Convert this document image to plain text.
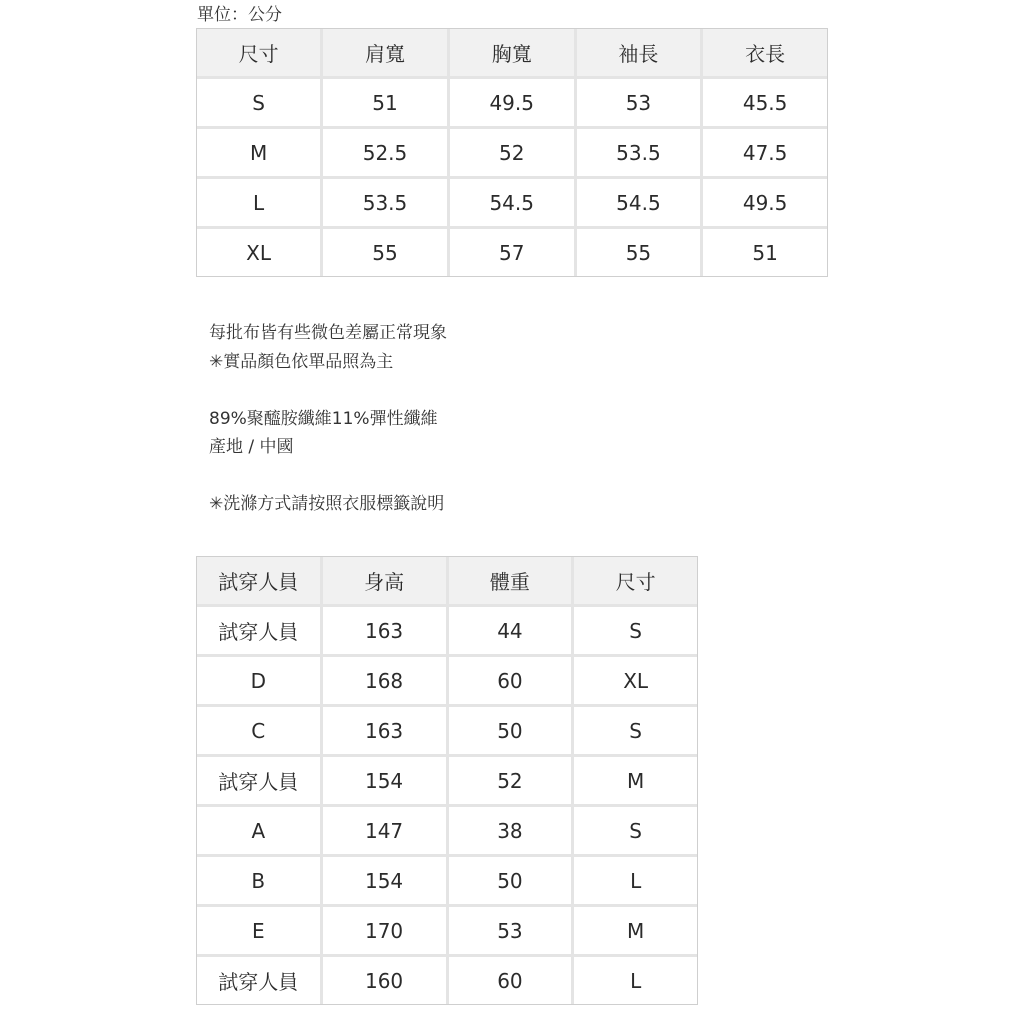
單位：公分
尺寸	肩寬	胸寬	袖長	衣長
S	51	49.5	53	45.5
M	52.5	52	53.5	47.5
L	53.5	54.5	54.5	49.5
XL	55	57	55	51
每批布皆有些微色差屬正常現象
✳︎實品顏色依單品照為主
89%聚醯胺纖維11%彈性纖維
產地 / 中國
✳︎洗滌方式請按照衣服標籤說明
試穿人員	身高	體重	尺寸
試穿人員	163	44	S
D	168	60	XL
C	163	50	S
試穿人員	154	52	M
A	147	38	S
B	154	50	L
E	170	53	M
試穿人員	160	60	L
